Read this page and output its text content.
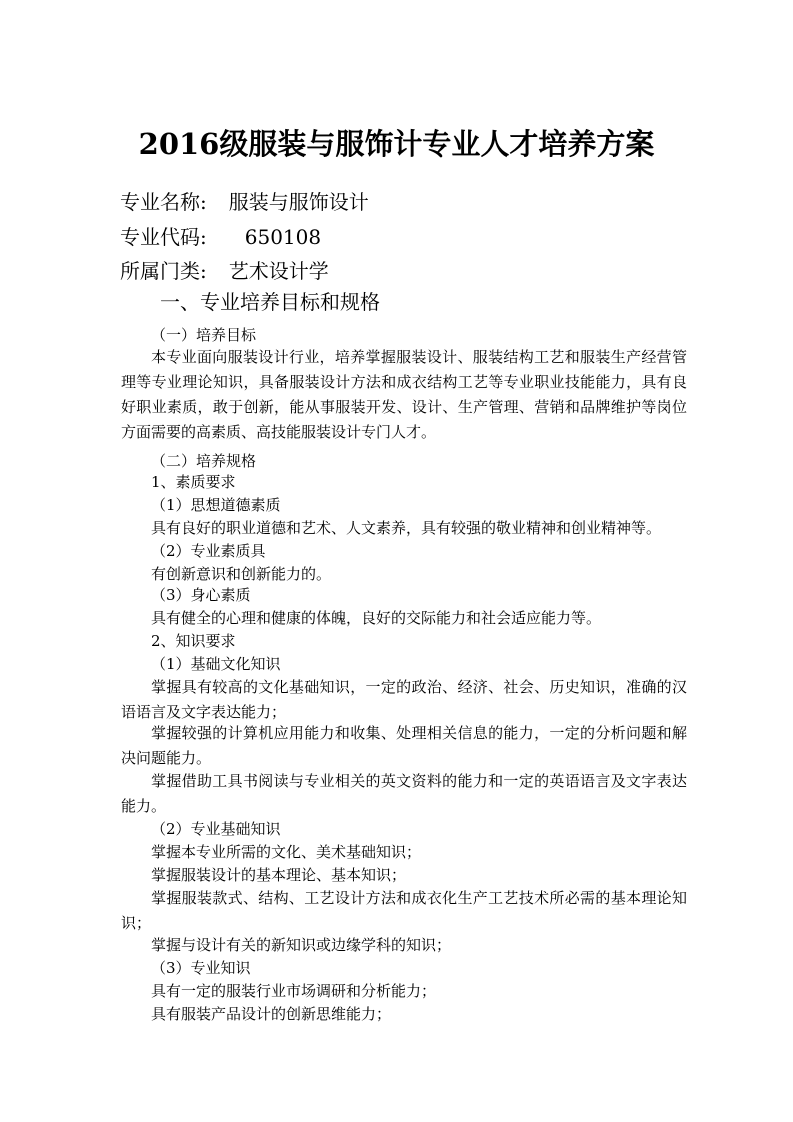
2016级服装与服饰计专业人才培养方案
专业名称: 服装与服饰设计
专业代码: 650108
所属门类: 艺术设计学
一、专业培养目标和规格
（一）培养目标
本专业面向服装设计行业，培养掌握服装设计、服装结构工艺和服装生产经营管理等专业理论知识，具备服装设计方法和成衣结构工艺等专业职业技能能力，具有良好职业素质，敢于创新，能从事服装开发、设计、生产管理、营销和品牌维护等岗位方面需要的高素质、高技能服装设计专门人才。
（二）培养规格
1、素质要求
（1）思想道德素质
具有良好的职业道德和艺术、人文素养，具有较强的敬业精神和创业精神等。
（2）专业素质具
有创新意识和创新能力的。
（3）身心素质
具有健全的心理和健康的体魄，良好的交际能力和社会适应能力等。
2、知识要求
（1）基础文化知识
掌握具有较高的文化基础知识，一定的政治、经济、社会、历史知识，准确的汉语语言及文字表达能力；
掌握较强的计算机应用能力和收集、处理相关信息的能力，一定的分析问题和解决问题能力。
掌握借助工具书阅读与专业相关的英文资料的能力和一定的英语语言及文字表达能力。
（2）专业基础知识
掌握本专业所需的文化、美术基础知识；
掌握服装设计的基本理论、基本知识；
掌握服装款式、结构、工艺设计方法和成衣化生产工艺技术所必需的基本理论知识；
掌握与设计有关的新知识或边缘学科的知识；
（3）专业知识
具有一定的服装行业市场调研和分析能力；
具有服装产品设计的创新思维能力；
